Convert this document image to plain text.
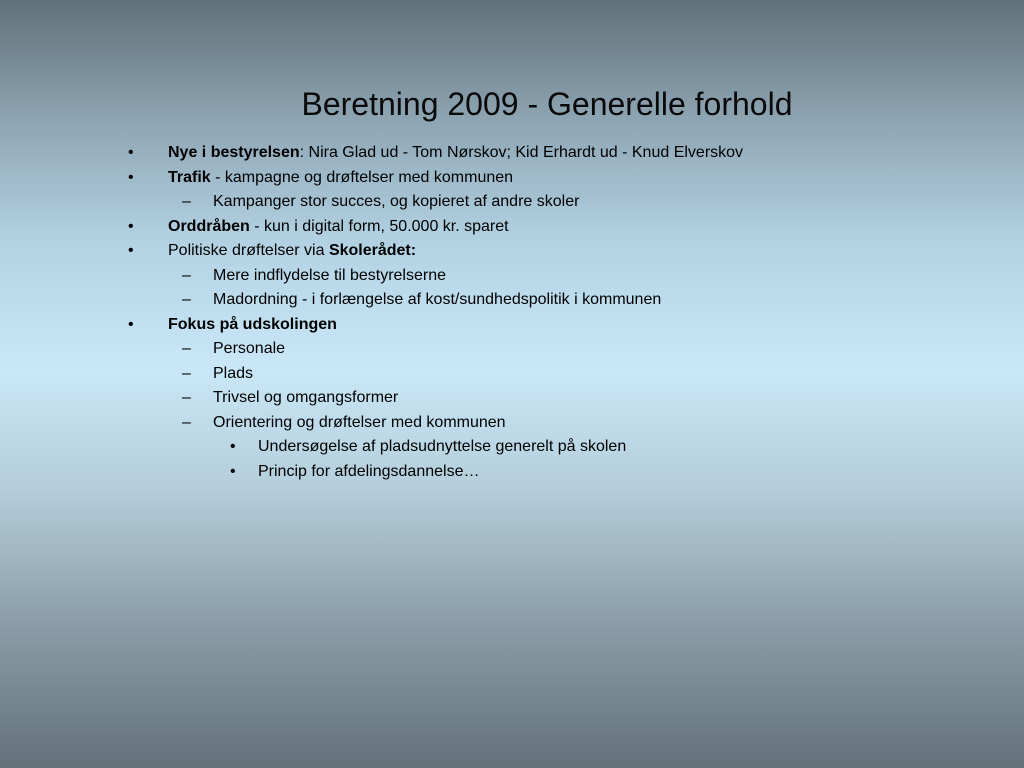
Beretning 2009 - Generelle forhold
• Nye i bestyrelsen: Nira Glad ud - Tom Nørskov; Kid Erhardt ud - Knud Elverskov
• Trafik - kampagne og drøftelser med kommunen
– Kampanger stor succes, og kopieret af andre skoler
• Orddråben - kun i digital form, 50.000 kr. sparet
• Politiske drøftelser via Skolerådet:
– Mere indflydelse til bestyrelserne
– Madordning - i forlængelse af kost/sundhedspolitik i kommunen
• Fokus på udskolingen
– Personale
– Plads
– Trivsel og omgangsformer
– Orientering og drøftelser med kommunen
• Undersøgelse af pladsudnyttelse generelt på skolen
• Princip for afdelingsdannelse…
